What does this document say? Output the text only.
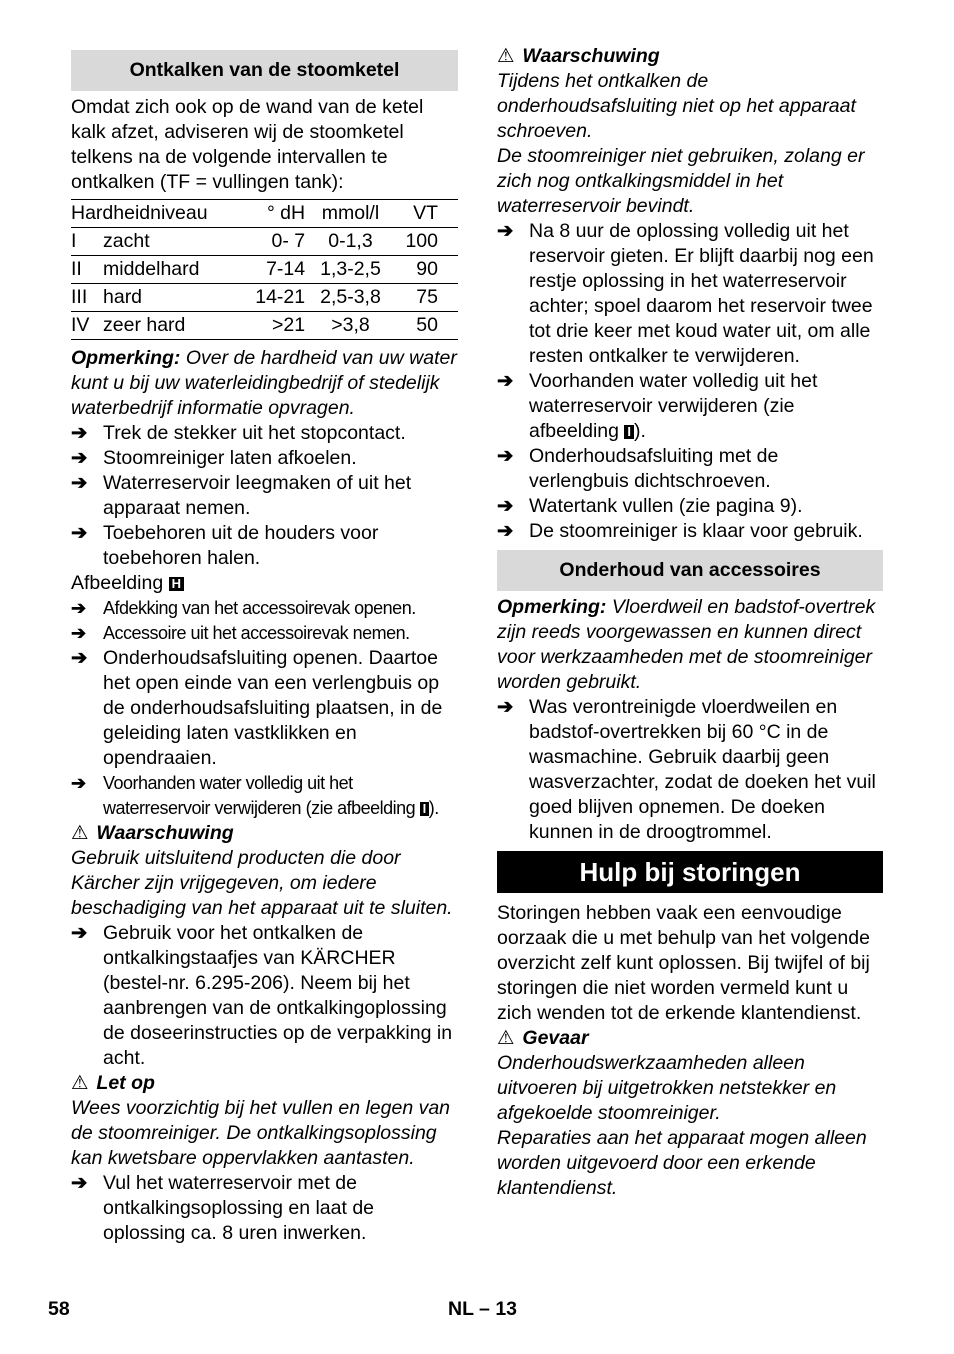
Ontkalken van de stoomketel

Omdat zich ook op de wand van de ketel kalk afzet, adviseren wij de stoomketel telkens na de volgende intervallen te ontkalken (TF = vullingen tank):

Hardheidniveau		° dH	mmol/l	VT
I	zacht	0- 7	0-1,3	100
II	middelhard	7-14	1,3-2,5	90
III	hard	14-21	2,5-3,8	75
IV	zeer hard	>21	>3,8	50

Opmerking: Over de hardheid van uw water kunt u bij uw waterleidingbedrijf of stedelijk waterbedrijf informatie opvragen.

➔ Trek de stekker uit het stopcontact.
➔ Stoomreiniger laten afkoelen.
➔ Waterreservoir leegmaken of uit het apparaat nemen.
➔ Toebehoren uit de houders voor toebehoren halen.

Afbeelding H

➔ Afdekking van het accessoirevak openen.
➔ Accessoire uit het accessoirevak nemen.
➔ Onderhoudsafsluiting openen. Daartoe het open einde van een verlengbuis op de onderhoudsafsluiting plaatsen, in de geleiding laten vastklikken en opendraaien.
➔ Voorhanden water volledig uit het waterreservoir verwijderen (zie afbeelding I ).

⚠ Waarschuwing

Gebruik uitsluitend producten die door Kärcher zijn vrijgegeven, om iedere beschadiging van het apparaat uit te sluiten.

➔ Gebruik voor het ontkalken de ontkalkingstaafjes van KÄRCHER (bestel-nr. 6.295-206). Neem bij het aanbrengen van de ontkalkingoplossing de doseerinstructies op de verpakking in acht.

⚠ Let op

Wees voorzichtig bij het vullen en legen van de stoomreiniger. De ontkalkingsoplossing kan kwetsbare oppervlakken aantasten.

➔ Vul het waterreservoir met de ontkalkingsoplossing en laat de oplossing ca. 8 uren inwerken.

⚠ Waarschuwing

Tijdens het ontkalken de onderhoudsafsluiting niet op het apparaat schroeven.

De stoomreiniger niet gebruiken, zolang er zich nog ontkalkingsmiddel in het waterreservoir bevindt.

➔ Na 8 uur de oplossing volledig uit het reservoir gieten. Er blijft daarbij nog een restje oplossing in het waterreservoir achter; spoel daarom het reservoir twee tot drie keer met koud water uit, om alle resten ontkalker te verwijderen.
➔ Voorhanden water volledig uit het waterreservoir verwijderen (zie afbeelding I ).
➔ Onderhoudsafsluiting met de verlengbuis dichtschroeven.
➔ Watertank vullen (zie pagina 9).
➔ De stoomreiniger is klaar voor gebruik.
Onderhoud van accessoires

Opmerking: Vloerdweil en badstof-overtrek zijn reeds voorgewassen en kunnen direct voor werkzaamheden met de stoomreiniger worden gebruikt.

➔ Was verontreinigde vloerdweilen en badstof-overtrekken bij 60 °C in de wasmachine. Gebruik daarbij geen wasverzachter, zodat de doeken het vuil goed blijven opnemen. De doeken kunnen in de droogtrommel.
Hulp bij storingen

Storingen hebben vaak een eenvoudige oorzaak die u met behulp van het volgende overzicht zelf kunt oplossen. Bij twijfel of bij storingen die niet worden vermeld kunt u zich wenden tot de erkende klantendienst.

⚠ Gevaar

Onderhoudswerkzaamheden alleen uitvoeren bij uitgetrokken netstekker en afgekoelde stoomreiniger.

Reparaties aan het apparaat mogen alleen worden uitgevoerd door een erkende klantendienst.

58	NL – 13
